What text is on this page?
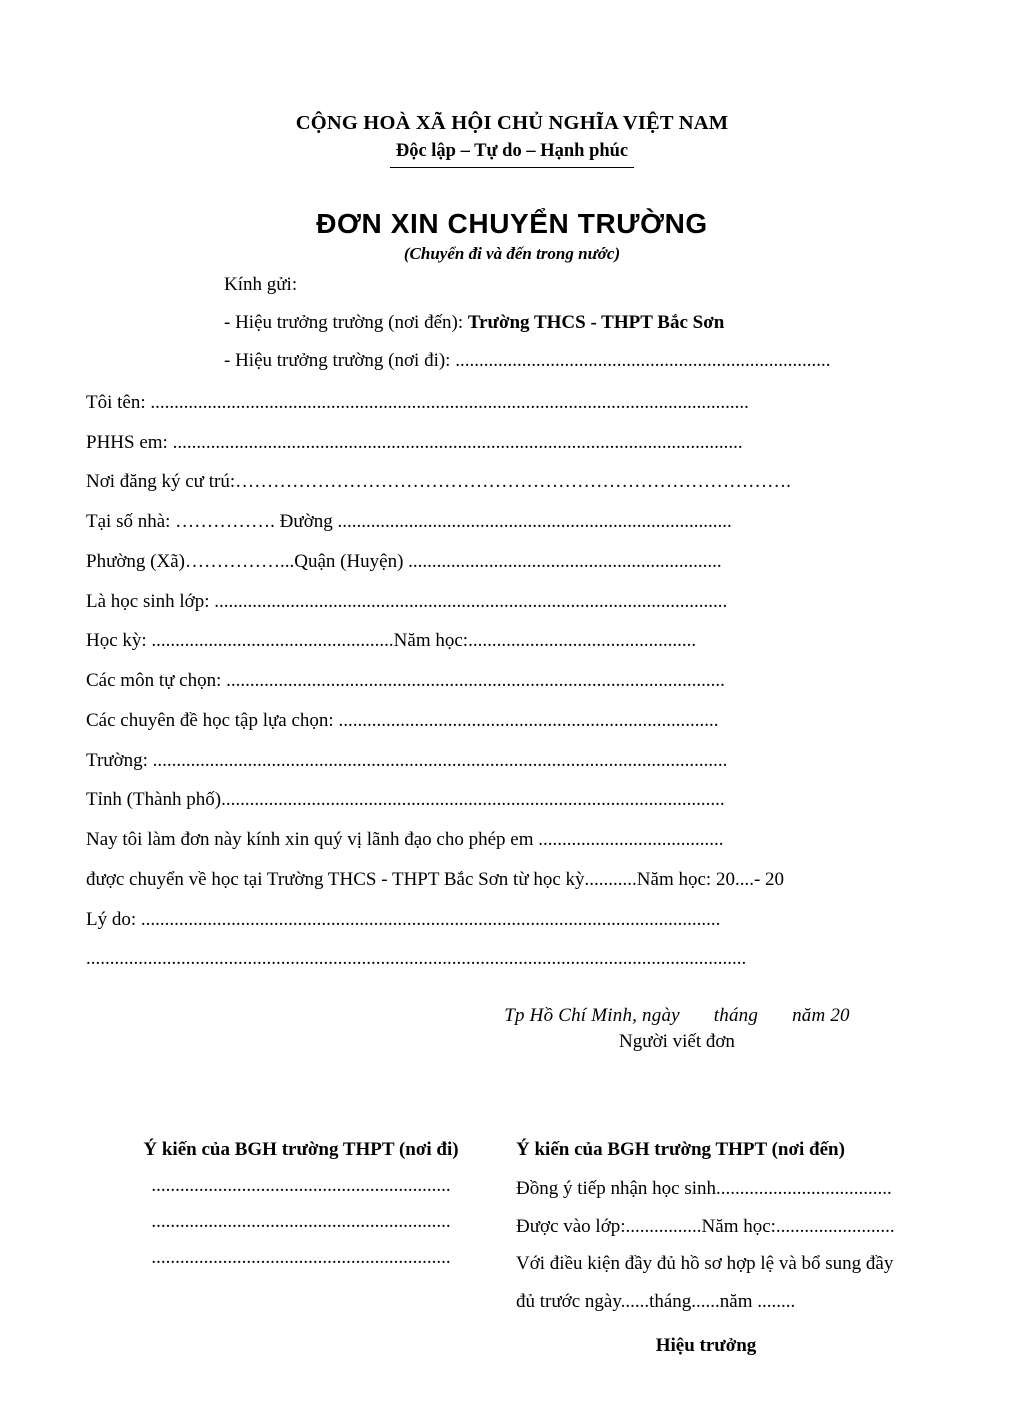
CỘNG HOÀ XÃ HỘI CHỦ NGHĨA VIỆT NAM
Độc lập – Tự do – Hạnh phúc
ĐƠN XIN CHUYỂN TRƯỜNG
(Chuyển đi và đến trong nước)
Kính gửi:
- Hiệu trưởng trường (nơi đến): Trường THCS - THPT Bắc Sơn
- Hiệu trưởng trường (nơi đi): ...............................................................................
Tôi tên: ..............................................................................................................................
PHHS em: ........................................................................................................................
Nơi đăng ký cư trú:…………………………………………………………………………….
Tại số nhà: ……………. Đường ...................................................................................
Phường (Xã)……………...Quận (Huyện) ..................................................................
Là học sinh lớp: ............................................................................................................
Học kỳ: ...................................................Năm học:................................................
Các môn tự chọn: .........................................................................................................
Các chuyên đề học tập lựa chọn: ................................................................................
Trường: .........................................................................................................................
Tỉnh (Thành phố)..........................................................................................................
Nay tôi làm đơn này kính xin quý vị lãnh đạo cho phép em .......................................
được chuyển về học tại Trường THCS - THPT Bắc Sơn từ học kỳ...........Năm học: 20....- 20
Lý do: ..........................................................................................................................
...........................................................................................................................................
Tp Hồ Chí Minh, ngày tháng năm 20
Người viết đơn
Ý kiến của BGH trường THPT (nơi đi)
...............................................................
...............................................................
...............................................................
Ý kiến của BGH trường THPT (nơi đến)
Đồng ý tiếp nhận học sinh.....................................
Được vào lớp:................Năm học:.........................
Với điều kiện đầy đủ hồ sơ hợp lệ và bổ sung đầy
đủ trước ngày......tháng......năm ........
Hiệu trưởng
